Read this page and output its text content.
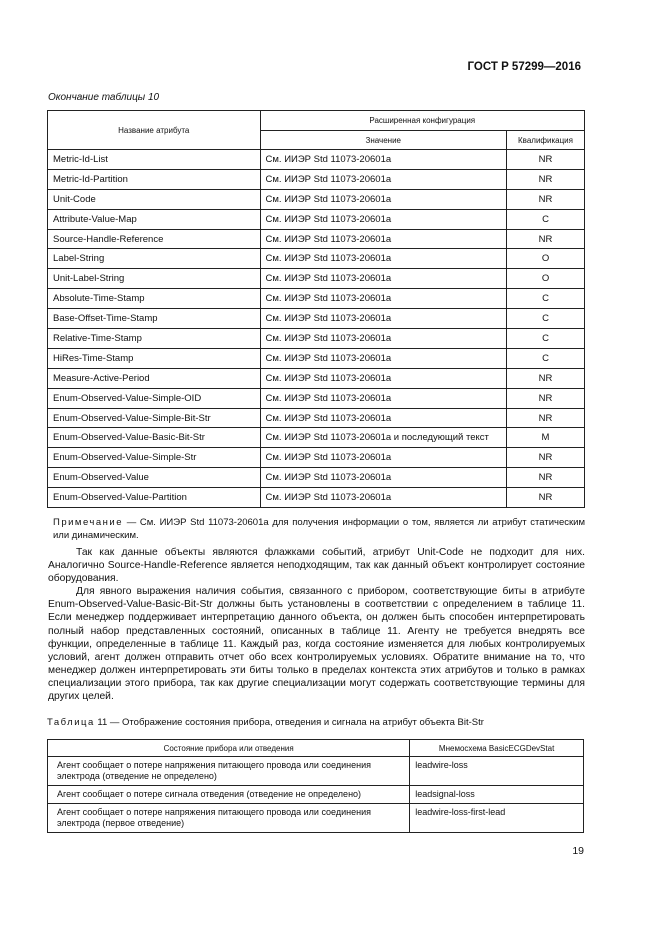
ГОСТ Р 57299—2016
Окончание таблицы 10
Название атрибута	Расширенная конфигурация	
	Значение	Квалификация
Metric-Id-List	См. ИИЭР Std 11073-20601а	NR
Metric-Id-Partition	См. ИИЭР Std 11073-20601а	NR
Unit-Code	См. ИИЭР Std 11073-20601а	NR
Attribute-Value-Map	См. ИИЭР Std 11073-20601а	C
Source-Handle-Reference	См. ИИЭР Std 11073-20601а	NR
Label-String	См. ИИЭР Std 11073-20601а	O
Unit-Label-String	См. ИИЭР Std 11073-20601а	O
Absolute-Time-Stamp	См. ИИЭР Std 11073-20601а	C
Base-Offset-Time-Stamp	См. ИИЭР Std 11073-20601а	C
Relative-Time-Stamp	См. ИИЭР Std 11073-20601а	C
HiRes-Time-Stamp	См. ИИЭР Std 11073-20601а	C
Measure-Active-Period	См. ИИЭР Std 11073-20601а	NR
Enum-Observed-Value-Simple-OID	См. ИИЭР Std 11073-20601а	NR
Enum-Observed-Value-Simple-Bit-Str	См. ИИЭР Std 11073-20601а	NR
Enum-Observed-Value-Basic-Bit-Str	См. ИИЭР Std 11073-20601а и последующий текст	M
Enum-Observed-Value-Simple-Str	См. ИИЭР Std 11073-20601а	NR
Enum-Observed-Value	См. ИИЭР Std 11073-20601а	NR
Enum-Observed-Value-Partition	См. ИИЭР Std 11073-20601а	NR
Примечание — См. ИИЭР Std 11073-20601a для получения информации о том, является ли атрибут статическим или динамическим.

Так как данные объекты являются флажками событий, атрибут Unit-Code не подходит для них. Аналогично Source-Handle-Reference является неподходящим, так как данный объект контролирует состояние оборудования.

Для явного выражения наличия события, связанного с прибором, соответствующие биты в атрибуте Enum-Observed-Value-Basic-Bit-Str должны быть установлены в соответствии с определением в таблице 11. Если менеджер поддерживает интерпретацию данного объекта, он должен быть способен интерпретировать полный набор представленных состояний, описанных в таблице 11. Агенту не требуется внедрять все функции, определенные в таблице 11. Каждый раз, когда состояние изменяется для любых контролируемых условий, агент должен отправить отчет обо всех контролируемых условиях. Обратите внимание на то, что менеджер должен интерпретировать эти биты только в пределах контекста этих атрибутов и только в рамках специализации этого прибора, так как другие специализации могут содержать соответствующие термины для других целей.

Таблица 11 — Отображение состояния прибора, отведения и сигнала на атрибут объекта Bit-Str
Состояние прибора или отведения	Мнемосхема BasicECGDevStat
Агент сообщает о потере напряжения питающего провода или соединения электрода (отведение не определено)	leadwire-loss
Агент сообщает о потере сигнала отведения (отведение не определено)	leadsignal-loss
Агент сообщает о потере напряжения питающего провода или соединения электрода (первое отведение)	leadwire-loss-first-lead
19
